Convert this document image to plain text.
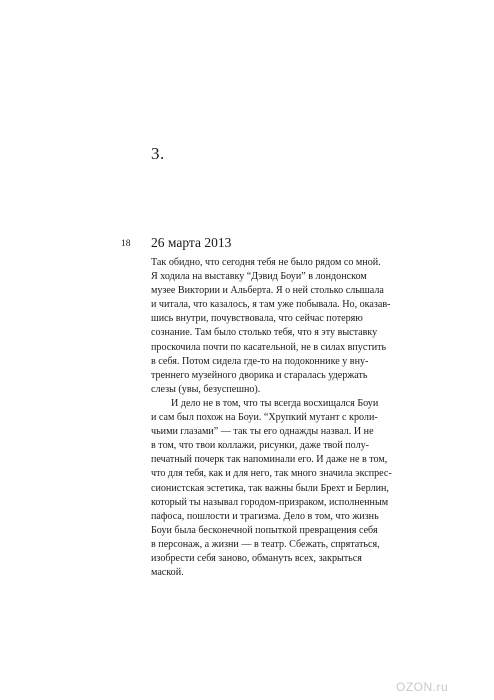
3.
18 26 марта 2013
Так обидно, что сегодня тебя не было рядом со мной.
Я ходила на выставку “Дэвид Боуи” в лондонском
музее Виктории и Альберта. Я о ней столько слышала
и читала, что казалось, я там уже побывала. Но, оказав-
шись внутри, почувствовала, что сейчас потеряю
сознание. Там было столько тебя, что я эту выставку
проскочила почти по касательной, не в силах впустить
в себя. Потом сидела где-то на подоконнике у вну-
треннего музейного дворика и старалась удержать
слезы (увы, безуспешно).
И дело не в том, что ты всегда восхищался Боуи
и сам был похож на Боуи. “Хрупкий мутант с кроли-
чьими глазами” — так ты его однажды назвал. И не
в том, что твои коллажи, рисунки, даже твой полу-
печатный почерк так напоминали его. И даже не в том,
что для тебя, как и для него, так много значила экспрес-
сионистская эстетика, так важны были Брехт и Берлин,
который ты называл городом-призраком, исполненным
пафоса, пошлости и трагизма. Дело в том, что жизнь
Боуи была бесконечной попыткой превращения себя
в персонаж, а жизни — в театр. Сбежать, спрятаться,
изобрести себя заново, обмануть всех, закрыться
маской.
OZON.ru
